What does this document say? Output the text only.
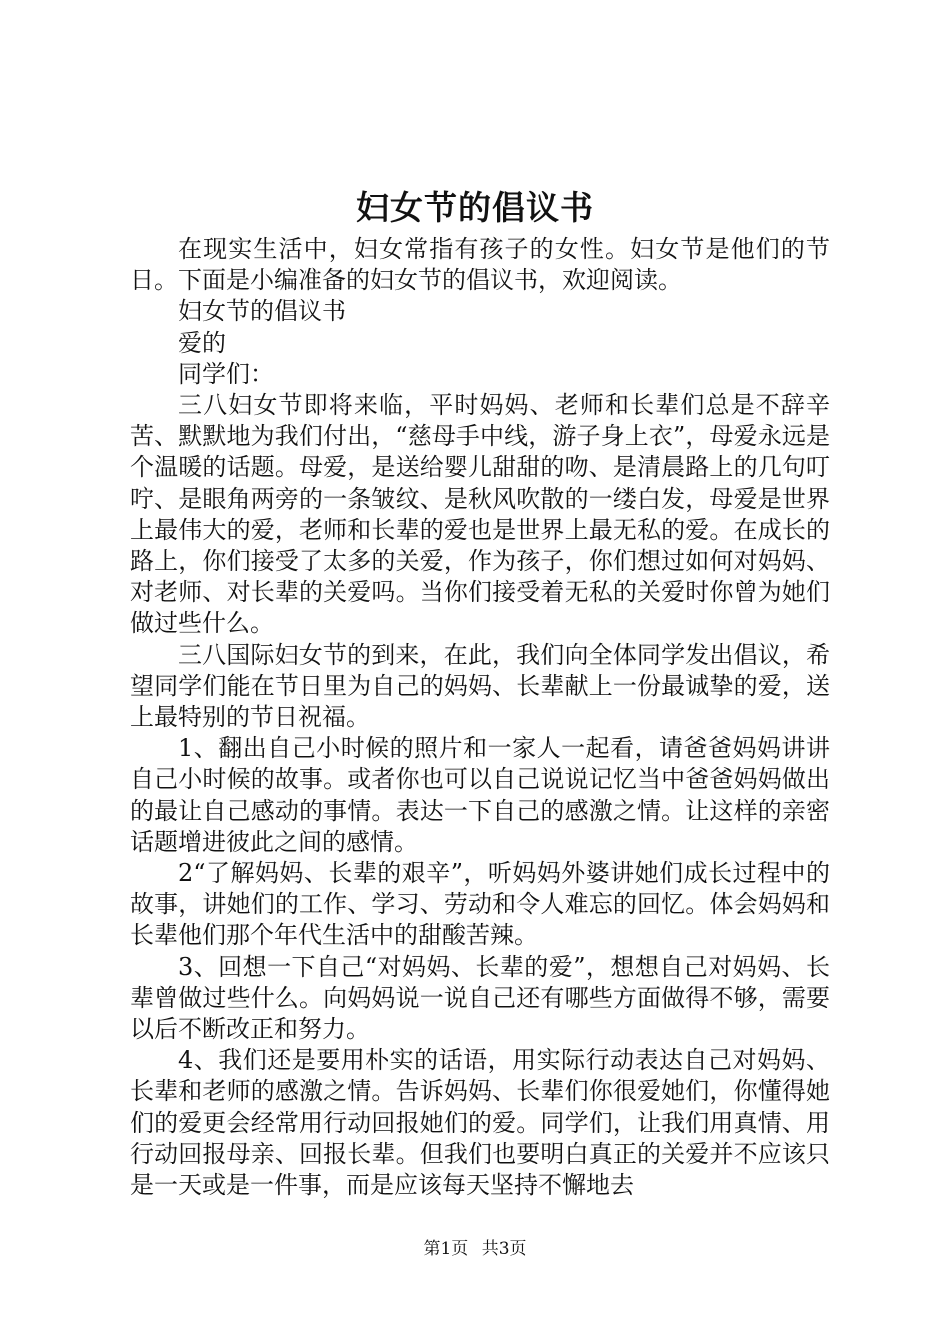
妇女节的倡议书

在现实生活中，妇女常指有孩子的女性。妇女节是他们的节日。下面是小编准备的妇女节的倡议书，欢迎阅读。

妇女节的倡议书

爱的

同学们：

三八妇女节即将来临，平时妈妈、老师和长辈们总是不辞辛苦、默默地为我们付出，“慈母手中线，游子身上衣”，母爱永远是个温暖的话题。母爱，是送给婴儿甜甜的吻、是清晨路上的几句叮咛、是眼角两旁的一条皱纹、是秋风吹散的一缕白发，母爱是世界上最伟大的爱，老师和长辈的爱也是世界上最无私的爱。在成长的路上，你们接受了太多的关爱，作为孩子，你们想过如何对妈妈、对老师、对长辈的关爱吗。当你们接受着无私的关爱时你曾为她们做过些什么。

三八国际妇女节的到来，在此，我们向全体同学发出倡议，希望同学们能在节日里为自己的妈妈、长辈献上一份最诚挚的爱，送上最特别的节日祝福。

1、翻出自己小时候的照片和一家人一起看，请爸爸妈妈讲讲自己小时候的故事。或者你也可以自己说说记忆当中爸爸妈妈做出的最让自己感动的事情。表达一下自己的感激之情。让这样的亲密话题增进彼此之间的感情。

2“了解妈妈、长辈的艰辛”，听妈妈外婆讲她们成长过程中的故事，讲她们的工作、学习、劳动和令人难忘的回忆。体会妈妈和长辈他们那个年代生活中的甜酸苦辣。

3、回想一下自己“对妈妈、长辈的爱”，想想自己对妈妈、长辈曾做过些什么。向妈妈说一说自己还有哪些方面做得不够，需要以后不断改正和努力。

4、我们还是要用朴实的话语，用实际行动表达自己对妈妈、长辈和老师的感激之情。告诉妈妈、长辈们你很爱她们，你懂得她们的爱更会经常用行动回报她们的爱。同学们，让我们用真情、用行动回报母亲、回报长辈。但我们也要明白真正的关爱并不应该只是一天或是一件事，而是应该每天坚持不懈地去

第1页 共3页
